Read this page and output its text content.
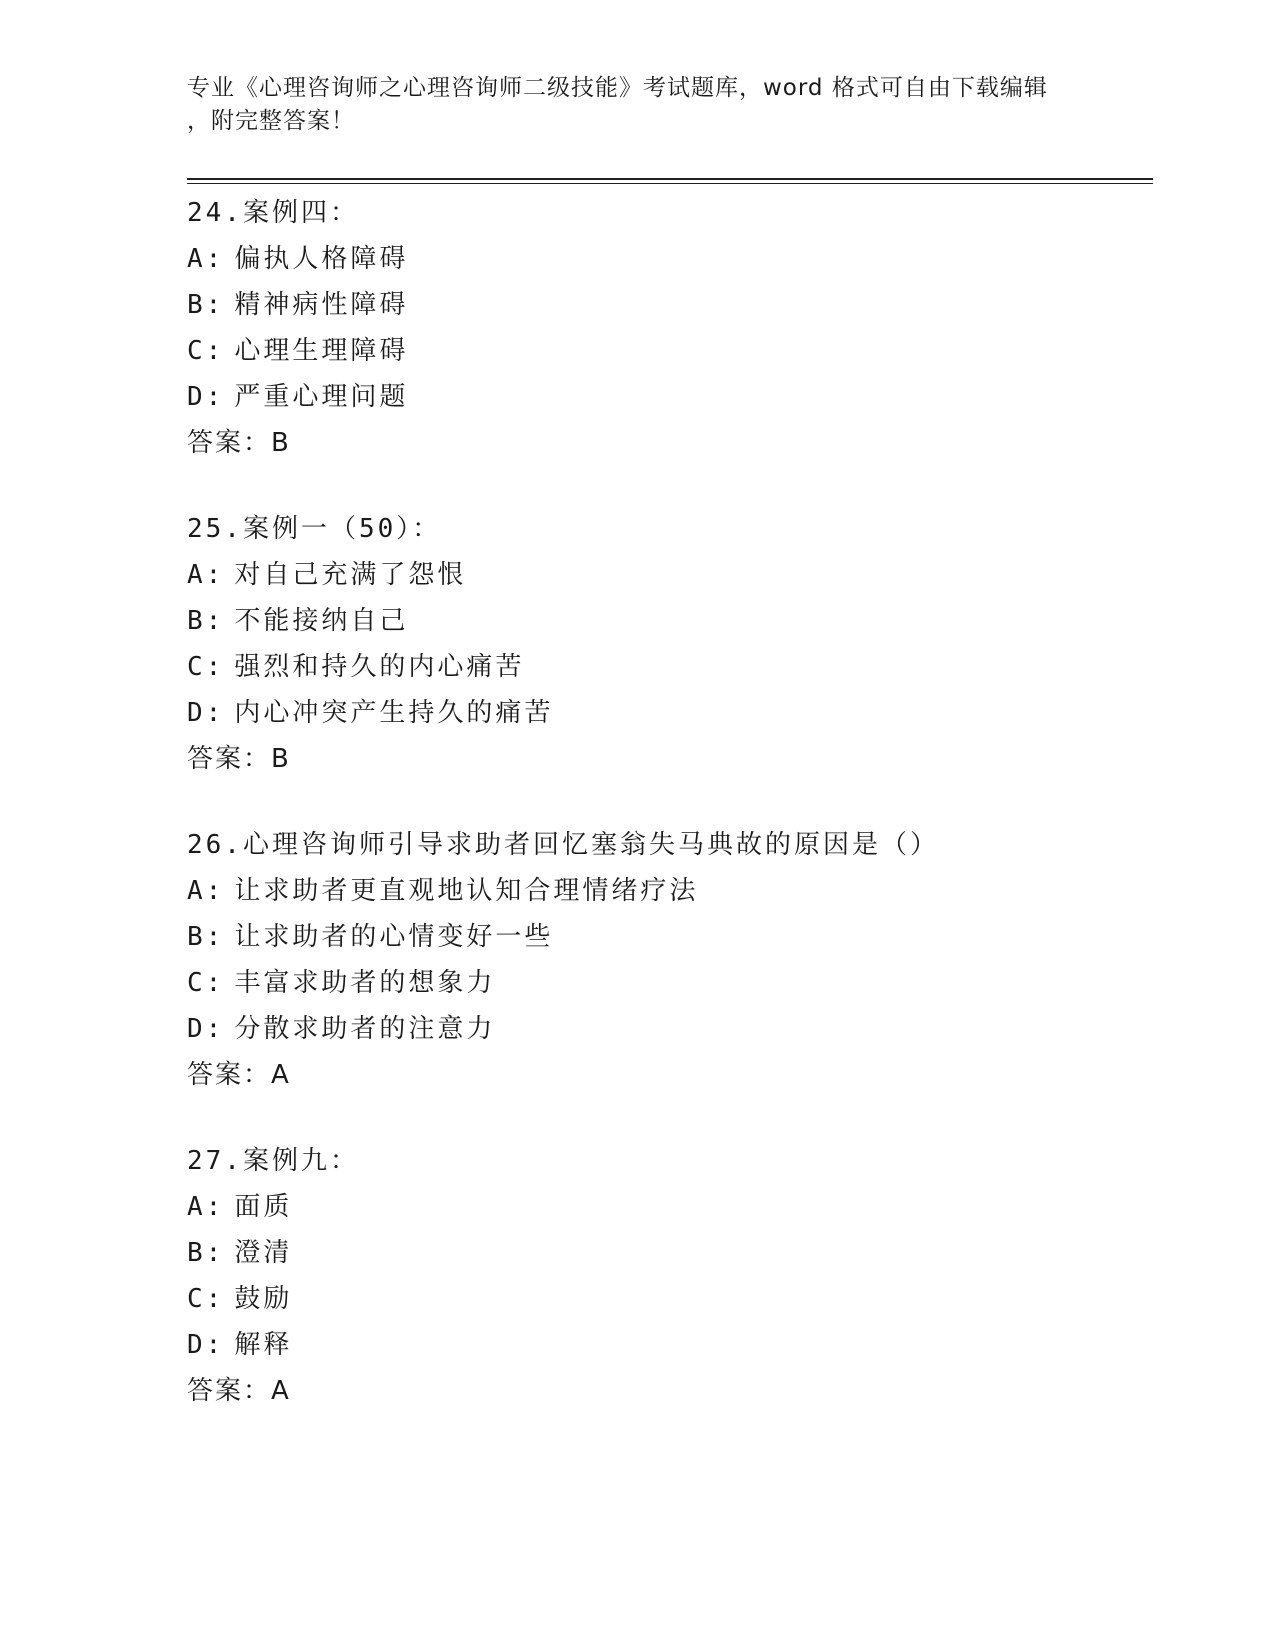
专业《心理咨询师之心理咨询师二级技能》考试题库，word 格式可自由下载编辑
，附完整答案！
24.案例四：
A: 偏执人格障碍
B: 精神病性障碍
C: 心理生理障碍
D: 严重心理问题
答案：B
25.案例一（50）：
A: 对自己充满了怨恨
B: 不能接纳自己
C: 强烈和持久的内心痛苦
D: 内心冲突产生持久的痛苦
答案：B
26.心理咨询师引导求助者回忆塞翁失马典故的原因是（）
A: 让求助者更直观地认知合理情绪疗法
B: 让求助者的心情变好一些
C: 丰富求助者的想象力
D: 分散求助者的注意力
答案：A
27.案例九：
A: 面质
B: 澄清
C: 鼓励
D: 解释
答案：A
